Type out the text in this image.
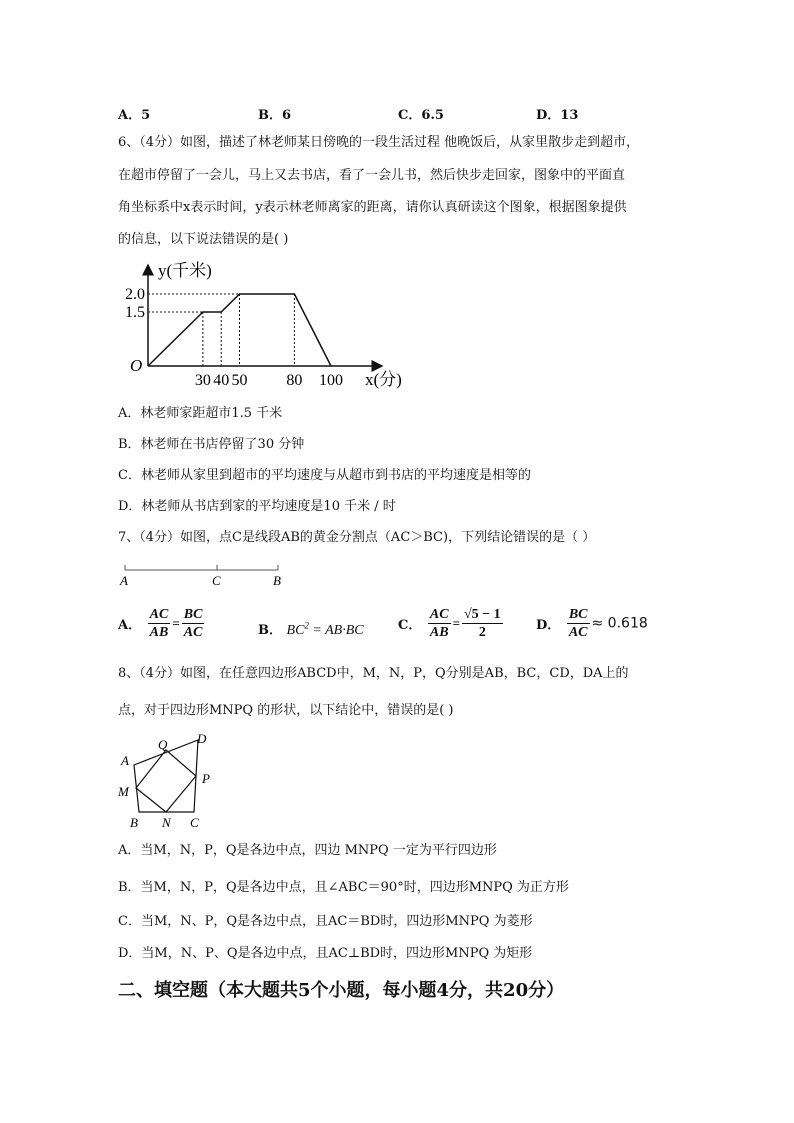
A．5	B．6	C．6.5	D．13
6、（4分）如图，描述了林老师某日傍晚的一段生活过程 他晚饭后，从家里散步走到超市，
在超市停留了一会儿，马上又去书店，看了一会儿书，然后快步走回家，图象中的平面直
角坐标系中x表示时间，y表示林老师离家的距离，请你认真研读这个图象，根据图象提供
的信息，以下说法错误的是( )
30 40 50 80 100
2.0
1.5
y(千米)
x(分)
O
A．林老师家距超市1.5 千米
B．林老师在书店停留了30 分钟
C．林老师从家里到超市的平均速度与从超市到书店的平均速度是相等的
D．林老师从书店到家的平均速度是10 千米 / 时
7、（4分）如图，点C是线段AB的黄金分割点（AC＞BC)，下列结论错误的是（ ）
A	C	B
A． $\frac{AC}{AB} = \frac{BC}{AC}$	B． $BC^2 = AB\cdot BC$	C． $\frac{AC}{AB} = \frac{√5 - 1}{2}$	D． $\frac{BC}{AC} \approx 0.618$
8、（4分）如图，在任意四边形ABCD中，M，N，P，Q分别是AB，BC，CD，DA上的
点，对于四边形MNPQ 的形状，以下结论中，错误的是( )
A
B	C
D
M
N
P
Q
A．当M，N，P，Q是各边中点，四边 MNPQ 一定为平行四边形
B．当M，N，P，Q是各边中点，且∠ABC＝90°时，四边形MNPQ 为正方形
C．当M，N、P，Q是各边中点，且AC＝BD时，四边形MNPQ 为菱形
D．当M，N、P、Q是各边中点，且AC⊥BD时，四边形MNPQ 为矩形
二、填空题（本大题共5个小题，每小题4分，共20分）
